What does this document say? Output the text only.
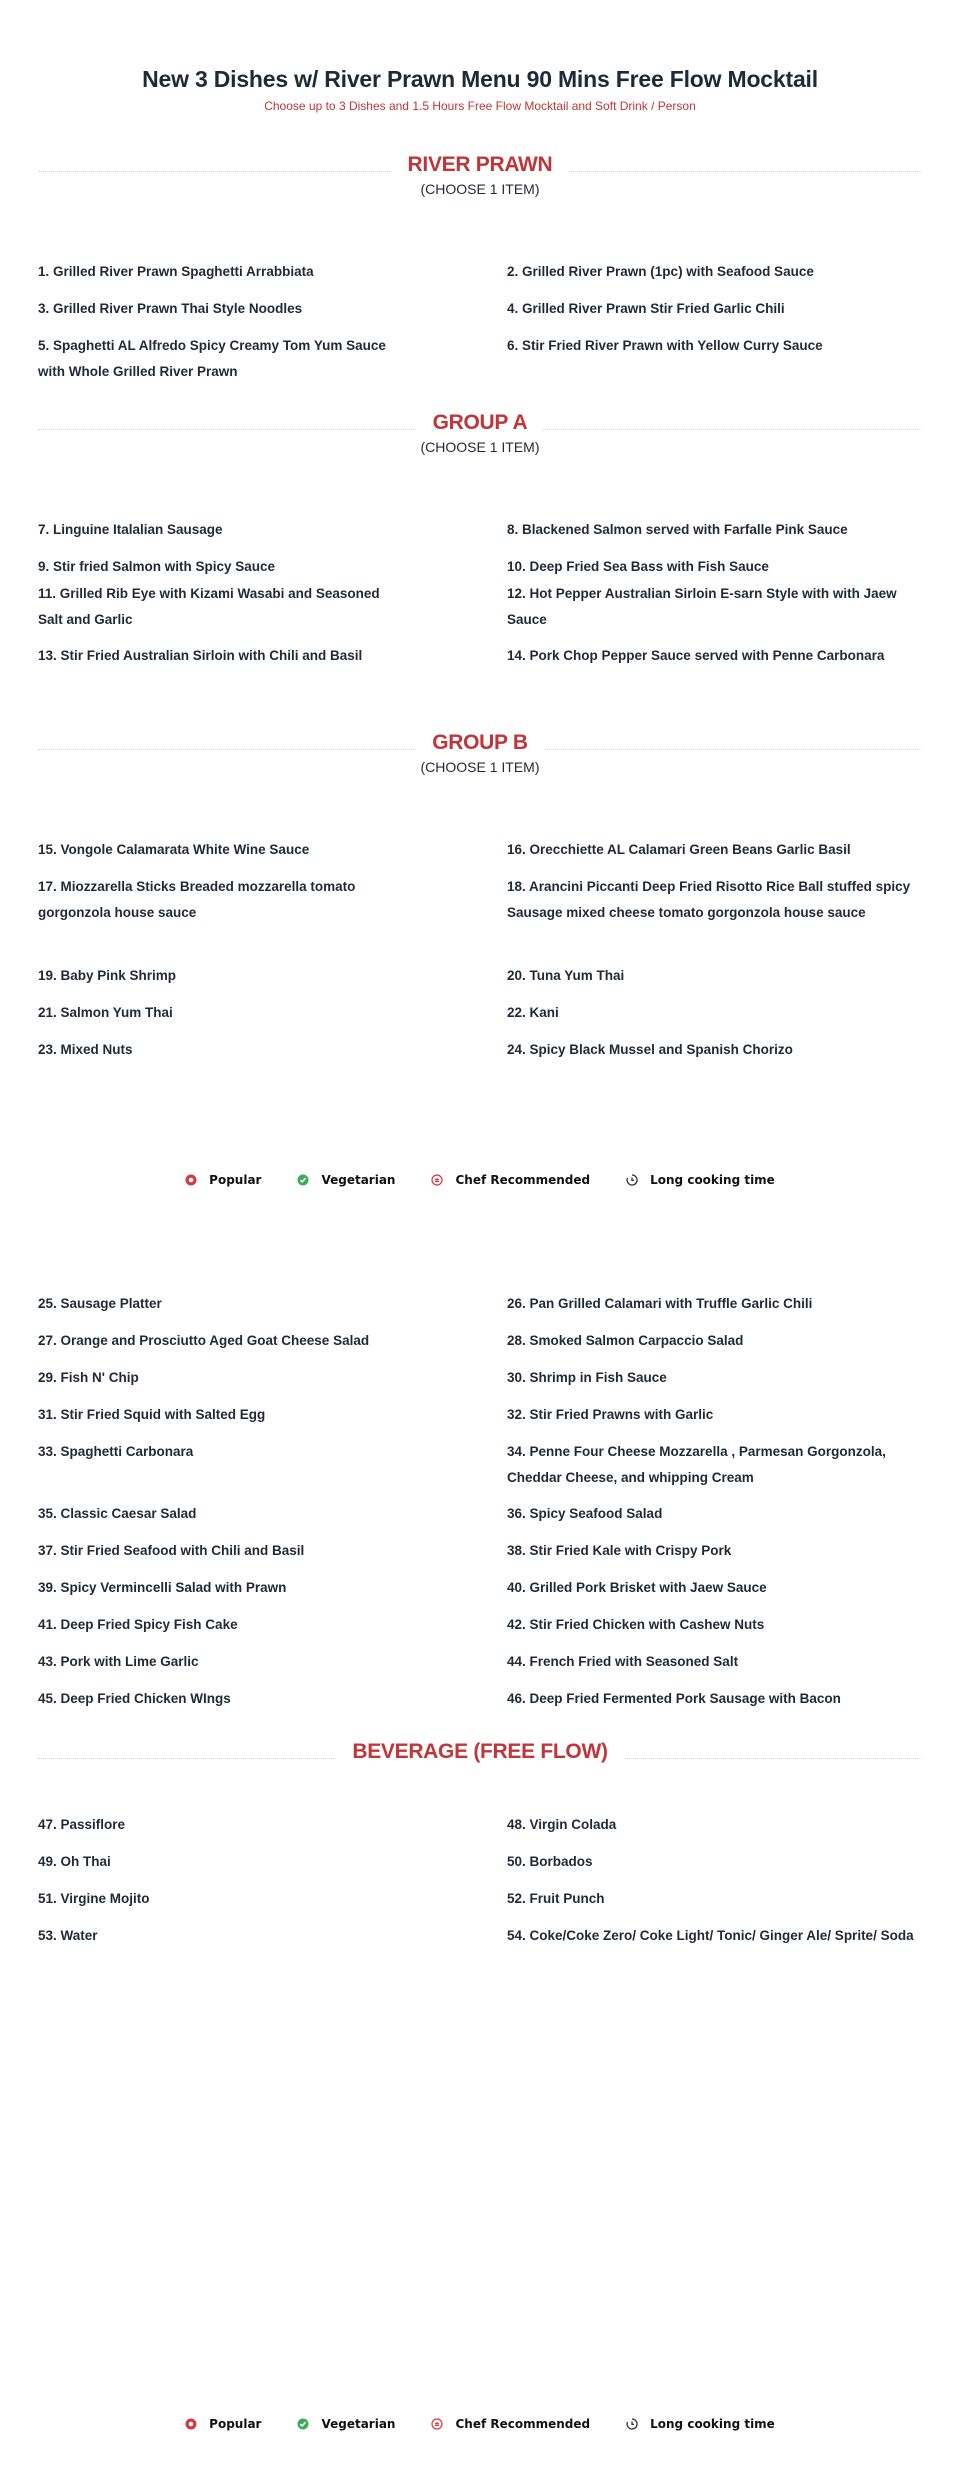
New 3 Dishes w/ River Prawn Menu 90 Mins Free Flow Mocktail
Choose up to 3 Dishes and 1.5 Hours Free Flow Mocktail and Soft Drink / Person
RIVER PRAWN
(CHOOSE 1 ITEM)
1. Grilled River Prawn Spaghetti Arrabbiata	2. Grilled River Prawn (1pc) with Seafood Sauce
3. Grilled River Prawn Thai Style Noodles	4. Grilled River Prawn Stir Fried Garlic Chili
5. Spaghetti AL Alfredo Spicy Creamy Tom Yum Sauce with Whole Grilled River Prawn
6. Stir Fried River Prawn with Yellow Curry Sauce
GROUP A
(CHOOSE 1 ITEM)
7. Linguine Italalian Sausage	8. Blackened Salmon served with Farfalle Pink Sauce
9. Stir fried Salmon with Spicy Sauce	10. Deep Fried Sea Bass with Fish Sauce
11. Grilled Rib Eye with Kizami Wasabi and Seasoned Salt and Garlic
12. Hot Pepper Australian Sirloin E-sarn Style with with Jaew Sauce
13. Stir Fried Australian Sirloin with Chili and Basil	14. Pork Chop Pepper Sauce served with Penne Carbonara
GROUP B
(CHOOSE 1 ITEM)
15. Vongole Calamarata White Wine Sauce	16. Orecchiette AL Calamari Green Beans Garlic Basil
17. Miozzarella Sticks Breaded mozzarella tomato gorgonzola house sauce
18. Arancini Piccanti Deep Fried Risotto Rice Ball stuffed spicy Sausage mixed cheese tomato gorgonzola house sauce
19. Baby Pink Shrimp	20. Tuna Yum Thai
21. Salmon Yum Thai	22. Kani
23. Mixed Nuts	24. Spicy Black Mussel and Spanish Chorizo
Popular	Vegetarian	Chef Recommended	Long cooking time
25. Sausage Platter	26. Pan Grilled Calamari with Truffle Garlic Chili
27. Orange and Prosciutto Aged Goat Cheese Salad	28. Smoked Salmon Carpaccio Salad
29. Fish N' Chip	30. Shrimp in Fish Sauce
31. Stir Fried Squid with Salted Egg	32. Stir Fried Prawns with Garlic
33. Spaghetti Carbonara	34. Penne Four Cheese Mozzarella , Parmesan Gorgonzola, Cheddar Cheese, and whipping Cream
35. Classic Caesar Salad	36. Spicy Seafood Salad
37. Stir Fried Seafood with Chili and Basil	38. Stir Fried Kale with Crispy Pork
39. Spicy Vermincelli Salad with Prawn	40. Grilled Pork Brisket with Jaew Sauce
41. Deep Fried Spicy Fish Cake	42. Stir Fried Chicken with Cashew Nuts
43. Pork with Lime Garlic	44. French Fried with Seasoned Salt
45. Deep Fried Chicken WIngs	46. Deep Fried Fermented Pork Sausage with Bacon
BEVERAGE (FREE FLOW)
47. Passiflore	48. Virgin Colada
49. Oh Thai	50. Borbados
51. Virgine Mojito	52. Fruit Punch
53. Water	54. Coke/Coke Zero/ Coke Light/ Tonic/ Ginger Ale/ Sprite/ Soda
Popular	Vegetarian	Chef Recommended	Long cooking time
